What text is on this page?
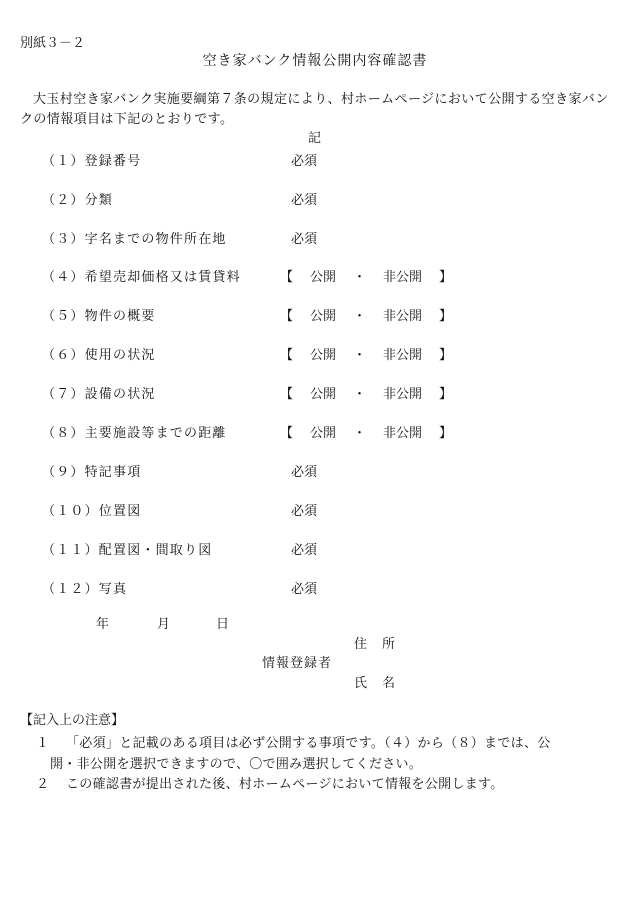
別紙３－２
空き家バンク情報公開内容確認書
大玉村空き家バンク実施要綱第７条の規定により、村ホームページにおいて公開する空き家バンクの情報項目は下記のとおりです。
記
（１）登録番号	必須
（２）分類	必須
（３）字名までの物件所在地	必須
（４）希望売却価格又は賃貸料	【 公開 ・ 非公開 】
（５）物件の概要	【 公開 ・ 非公開 】
（６）使用の状況	【 公開 ・ 非公開 】
（７）設備の状況	【 公開 ・ 非公開 】
（８）主要施設等までの距離	【 公開 ・ 非公開 】
（９）特記事項	必須
（１０）位置図	必須
（１１）配置図・間取り図	必須
（１２）写真	必須
年	月	日
住　所
情報登録者
氏　名
【記入上の注意】
１ 「必須」と記載のある項目は必ず公開する事項です。（４）から（８）までは、公
開・非公開を選択できますので、〇で囲み選択してください。
２ この確認書が提出された後、村ホームページにおいて情報を公開します。
